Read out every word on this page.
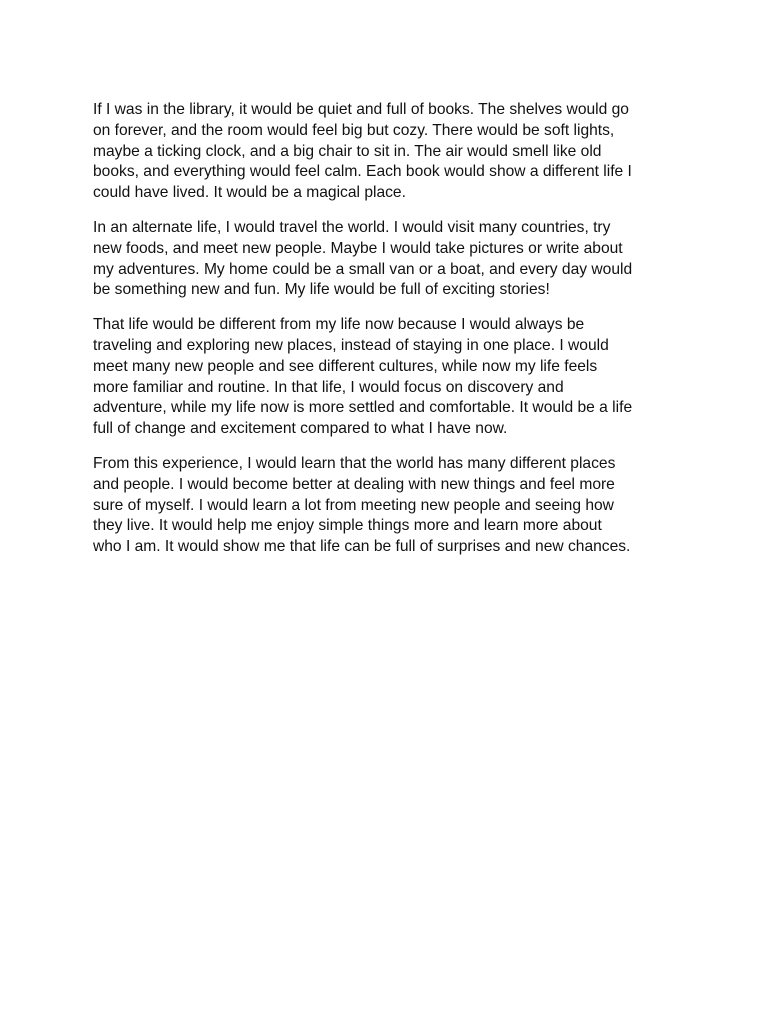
If I was in the library, it would be quiet and full of books. The shelves would go
on forever, and the room would feel big but cozy. There would be soft lights,
maybe a ticking clock, and a big chair to sit in. The air would smell like old
books, and everything would feel calm. Each book would show a different life I
could have lived. It would be a magical place.

In an alternate life, I would travel the world. I would visit many countries, try
new foods, and meet new people. Maybe I would take pictures or write about
my adventures. My home could be a small van or a boat, and every day would
be something new and fun. My life would be full of exciting stories!

That life would be different from my life now because I would always be
traveling and exploring new places, instead of staying in one place. I would
meet many new people and see different cultures, while now my life feels
more familiar and routine. In that life, I would focus on discovery and
adventure, while my life now is more settled and comfortable. It would be a life
full of change and excitement compared to what I have now.

From this experience, I would learn that the world has many different places
and people. I would become better at dealing with new things and feel more
sure of myself. I would learn a lot from meeting new people and seeing how
they live. It would help me enjoy simple things more and learn more about
who I am. It would show me that life can be full of surprises and new chances.
